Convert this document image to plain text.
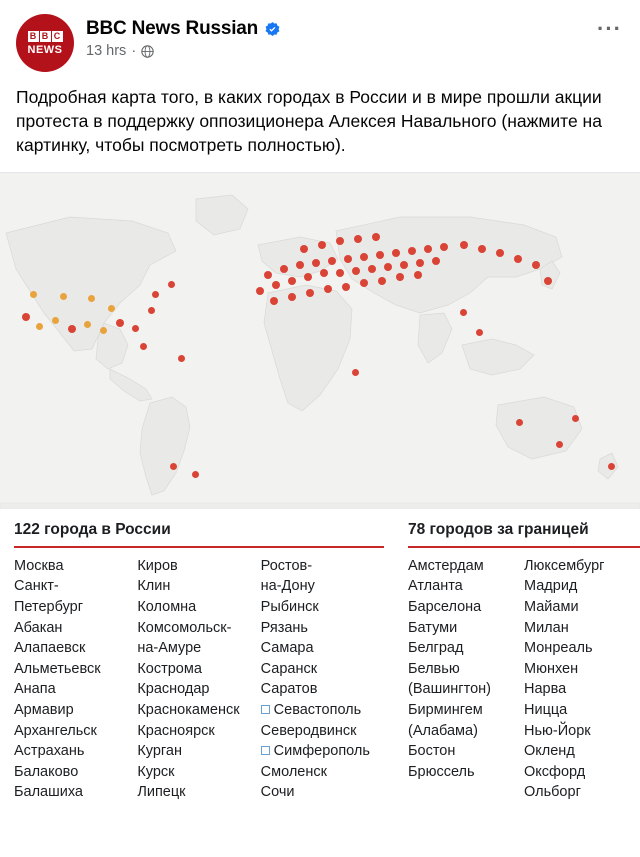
B B C
NEWS
BBC News Russian
13 hrs ·
···
Подробная карта того, в каких городах в России и в мире прошли акции протеста в поддержку оппозиционера Алексея Навального (нажмите на картинку, чтобы посмотреть полностью).
122 города в России
Москва
Санкт-
Петербург
Абакан
Алапаевск
Альметьевск
Анапа
Армавир
Архангельск
Астрахань
Балаково
Балашиха
Киров
Клин
Коломна
Комсомольск-
на-Амуре
Кострома
Краснодар
Краснокаменск
Красноярск
Курган
Курск
Липецк
Ростов-
на-Дону
Рыбинск
Рязань
Самара
Саранск
Саратов
Севастополь
Северодвинск
Симферополь
Смоленск
Сочи
78 городов за границей
Амстердам
Атланта
Барселона
Батуми
Белград
Белвью
(Вашингтон)
Бирмингем
(Алабама)
Бостон
Брюссель
Люксембург
Мадрид
Майами
Милан
Монреаль
Мюнхен
Нарва
Ницца
Нью-Йорк
Окленд
Оксфорд
Ольборг
